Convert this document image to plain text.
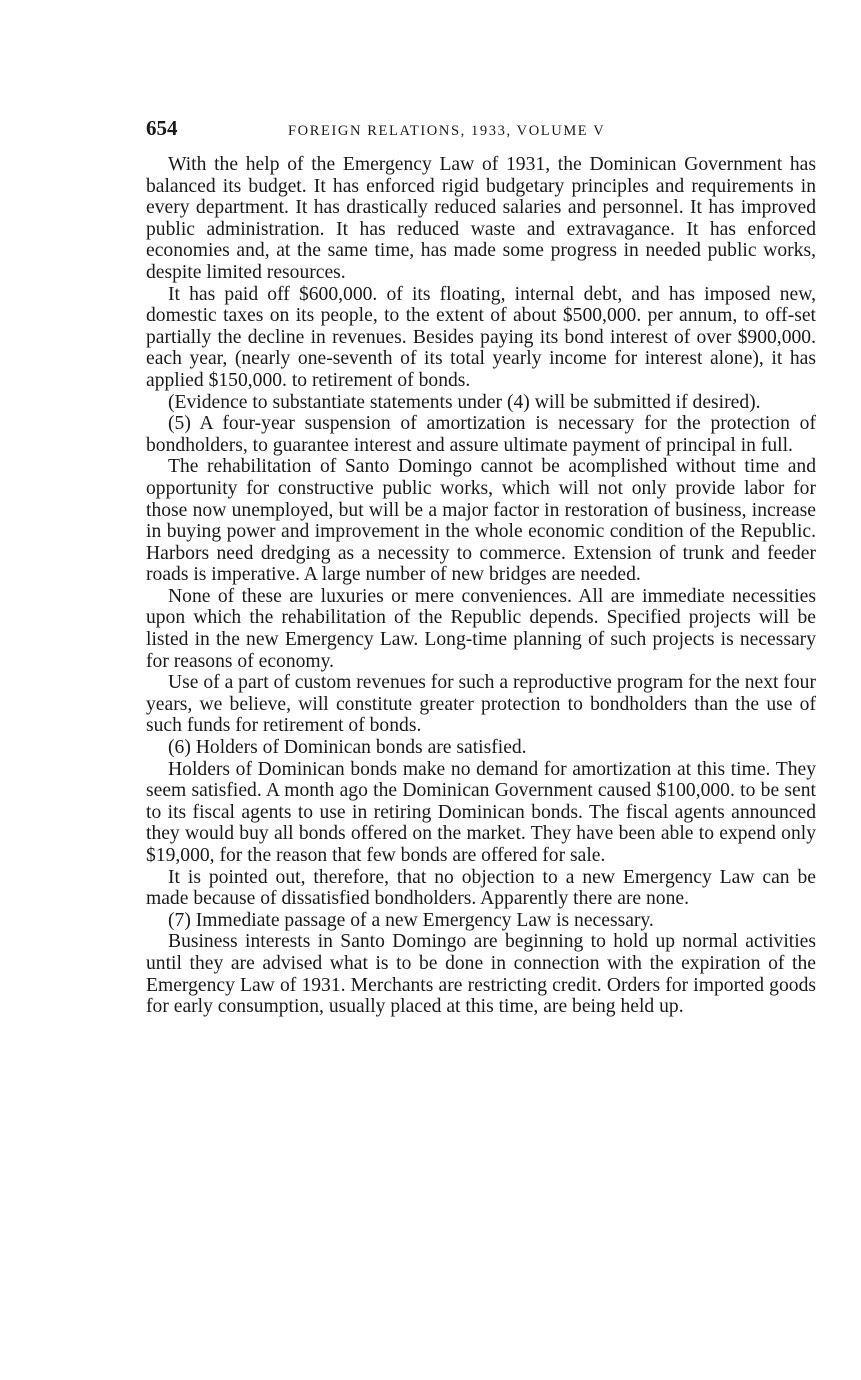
654	FOREIGN RELATIONS, 1933, VOLUME V

With the help of the Emergency Law of 1931, the Dominican Government has balanced its budget. It has enforced rigid budgetary principles and requirements in every department. It has drastically reduced salaries and personnel. It has improved public administration. It has reduced waste and extravagance. It has enforced economies and, at the same time, has made some progress in needed public works, despite limited resources.

It has paid off $600,000. of its floating, internal debt, and has imposed new, domestic taxes on its people, to the extent of about $500,000. per annum, to off-set partially the decline in revenues. Besides paying its bond interest of over $900,000. each year, (nearly one-seventh of its total yearly income for interest alone), it has applied $150,000. to retirement of bonds.

(Evidence to substantiate statements under (4) will be submitted if desired).

(5) A four-year suspension of amortization is necessary for the protection of bondholders, to guarantee interest and assure ultimate payment of principal in full.

The rehabilitation of Santo Domingo cannot be acomplished without time and opportunity for constructive public works, which will not only provide labor for those now unemployed, but will be a major factor in restoration of business, increase in buying power and improvement in the whole economic condition of the Republic. Harbors need dredging as a necessity to commerce. Extension of trunk and feeder roads is imperative. A large number of new bridges are needed.

None of these are luxuries or mere conveniences. All are immediate necessities upon which the rehabilitation of the Republic depends. Specified projects will be listed in the new Emergency Law. Long-time planning of such projects is necessary for reasons of economy.

Use of a part of custom revenues for such a reproductive program for the next four years, we believe, will constitute greater protection to bondholders than the use of such funds for retirement of bonds.

(6) Holders of Dominican bonds are satisfied.

Holders of Dominican bonds make no demand for amortization at this time. They seem satisfied. A month ago the Dominican Government caused $100,000. to be sent to its fiscal agents to use in retiring Dominican bonds. The fiscal agents announced they would buy all bonds offered on the market. They have been able to expend only $19,000, for the reason that few bonds are offered for sale.

It is pointed out, therefore, that no objection to a new Emergency Law can be made because of dissatisfied bondholders. Apparently there are none.

(7) Immediate passage of a new Emergency Law is necessary.

Business interests in Santo Domingo are beginning to hold up normal activities until they are advised what is to be done in connection with the expiration of the Emergency Law of 1931. Merchants are restricting credit. Orders for imported goods for early consumption, usually placed at this time, are being held up.
